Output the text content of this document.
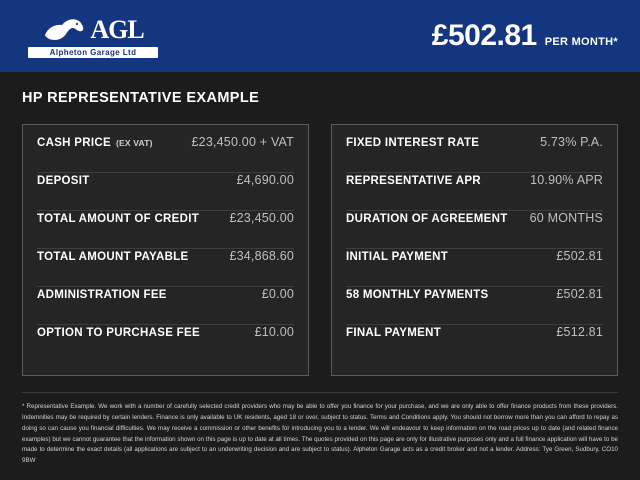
AGL
Alpheton Garage Ltd	£502.81 PER MONTH*
HP REPRESENTATIVE EXAMPLE
CASH PRICE (EX VAT)	£23,450.00 + VAT
DEPOSIT	£4,690.00
TOTAL AMOUNT OF CREDIT £23,450.00
TOTAL AMOUNT PAYABLE	£34,868.60
ADMINISTRATION FEE	£0.00
OPTION TO PURCHASE FEE	£10.00
FIXED INTEREST RATE	5.73% P.A.
REPRESENTATIVE APR	10.90% APR
DURATION OF AGREEMENT 60 MONTHS
INITIAL PAYMENT	£502.81
58 MONTHLY PAYMENTS	£502.81
FINAL PAYMENT	£512.81
* Representative Example. We work with a number of carefully selected credit providers who may be able to offer you finance for your purchase, and we are only able to offer finance products from these providers. Indemnities may be required by certain lenders. Finance is only available to UK residents, aged 18 or over, subject to status. Terms and Conditions apply. You should not borrow more than you can afford to repay as doing so can cause you financial difficulties. We may receive a commission or other benefits for introducing you to a lender. We will endeavour to keep information on the road prices up to date (and related finance examples) but we cannot guarantee that the information shown on this page is up to date at all times. The quotes provided on this page are only for illustrative purposes only and a full finance application will have to be made to determine the exact details (all applications are subject to an underwriting decision and are subject to status). Alpheton Garage acts as a credit broker and not a lender. Address: Tye Green, Sudbury, CO10 9BW
